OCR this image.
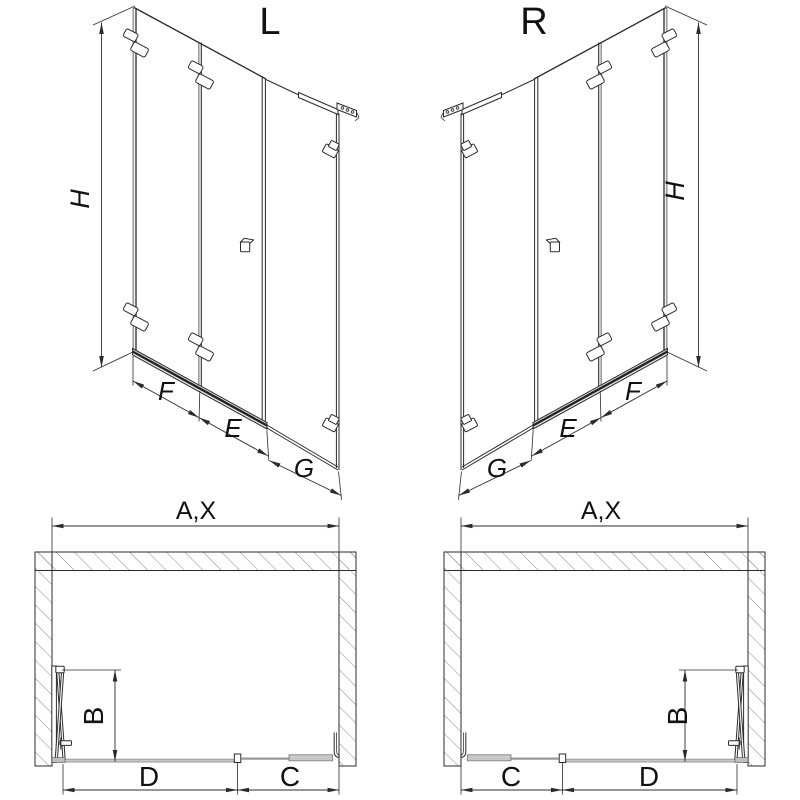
L	R
H	H
F
E
G
F
E
G
A,X	A,X
B	B
D	C	C	D
